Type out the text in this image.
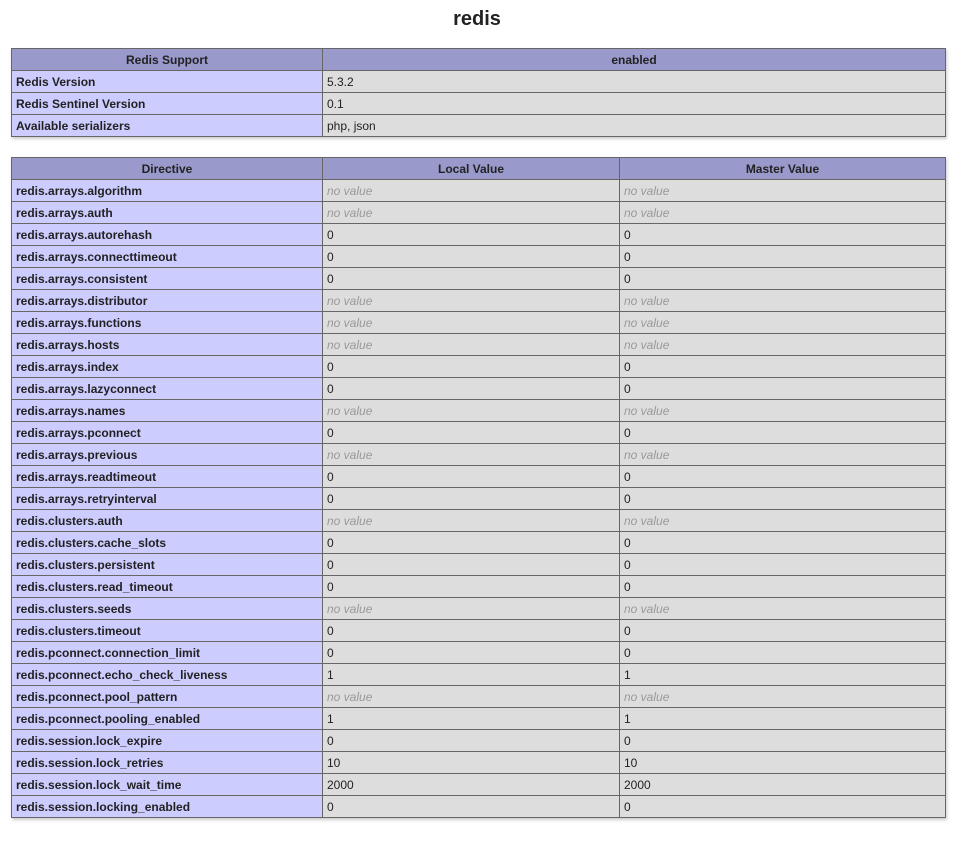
redis
Redis Support	enabled
Redis Version	5.3.2
Redis Sentinel Version	0.1
Available serializers	php, json
Directive	Local Value	Master Value
redis.arrays.algorithm	no value	no value
redis.arrays.auth	no value	no value
redis.arrays.autorehash	0	0
redis.arrays.connecttimeout	0	0
redis.arrays.consistent	0	0
redis.arrays.distributor	no value	no value
redis.arrays.functions	no value	no value
redis.arrays.hosts	no value	no value
redis.arrays.index	0	0
redis.arrays.lazyconnect	0	0
redis.arrays.names	no value	no value
redis.arrays.pconnect	0	0
redis.arrays.previous	no value	no value
redis.arrays.readtimeout	0	0
redis.arrays.retryinterval	0	0
redis.clusters.auth	no value	no value
redis.clusters.cache_slots	0	0
redis.clusters.persistent	0	0
redis.clusters.read_timeout	0	0
redis.clusters.seeds	no value	no value
redis.clusters.timeout	0	0
redis.pconnect.connection_limit	0	0
redis.pconnect.echo_check_liveness	1	1
redis.pconnect.pool_pattern	no value	no value
redis.pconnect.pooling_enabled	1	1
redis.session.lock_expire	0	0
redis.session.lock_retries	10	10
redis.session.lock_wait_time	2000	2000
redis.session.locking_enabled	0	0
